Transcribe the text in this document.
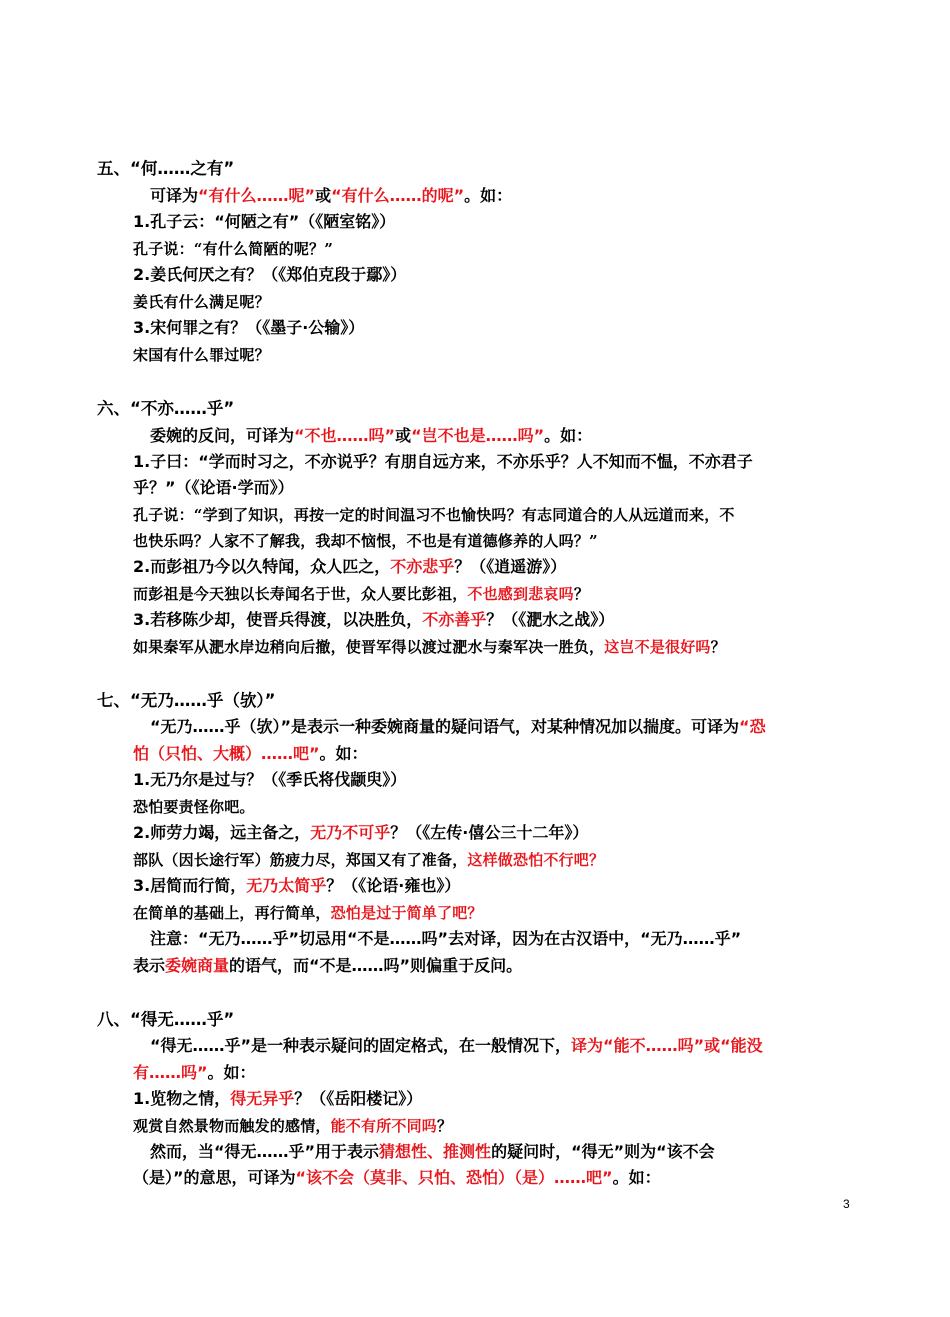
五、“何……之有”
可译为“有什么……呢”或“有什么……的呢”。如：
1.孔子云：“何陋之有”（《陋室铭》）
孔子说：“有什么简陋的呢？”
2.姜氏何厌之有？（《郑伯克段于鄢》）
姜氏有什么满足呢？
3.宋何罪之有？（《墨子·公输》）
宋国有什么罪过呢？
六、“不亦……乎”
委婉的反问，可译为“不也……吗”或“岂不也是……吗”。如：
1.子曰：“学而时习之，不亦说乎？有朋自远方来，不亦乐乎？人不知而不愠，不亦君子
乎？”（《论语·学而》）
孔子说：“学到了知识，再按一定的时间温习不也愉快吗？有志同道合的人从远道而来，不
也快乐吗？人家不了解我，我却不恼恨，不也是有道德修养的人吗？”
2.而彭祖乃今以久特闻，众人匹之，不亦悲乎？（《逍遥游》）
而彭祖是今天独以长寿闻名于世，众人要比彭祖，不也感到悲哀吗？
3.若移陈少却，使晋兵得渡，以决胜负，不亦善乎？（《淝水之战》）
如果秦军从淝水岸边稍向后撤，使晋军得以渡过淝水与秦军决一胜负，这岂不是很好吗？
七、“无乃……乎（欤）”
“无乃……乎（欤）”是表示一种委婉商量的疑问语气，对某种情况加以揣度。可译为“恐
怕（只怕、大概）……吧”。如：
1.无乃尔是过与？（《季氏将伐颛臾》）
恐怕要责怪你吧。
2.师劳力竭，远主备之，无乃不可乎？（《左传·僖公三十二年》）
部队（因长途行军）筋疲力尽，郑国又有了准备，这样做恐怕不行吧？
3.居简而行简，无乃太简乎？（《论语·雍也》）
在简单的基础上，再行简单，恐怕是过于简单了吧？
注意：“无乃……乎”切忌用“不是……吗”去对译，因为在古汉语中，“无乃……乎”
表示委婉商量的语气，而“不是……吗”则偏重于反问。
八、“得无……乎”
“得无……乎”是一种表示疑问的固定格式，在一般情况下，译为“能不……吗”或“能没
有……吗”。如：
1.览物之情，得无异乎？（《岳阳楼记》）
观赏自然景物而触发的感情，能不有所不同吗？
然而，当“得无……乎”用于表示猜想性、推测性的疑问时，“得无”则为“该不会
（是）”的意思，可译为“该不会（莫非、只怕、恐怕）（是）……吧”。如：
3
